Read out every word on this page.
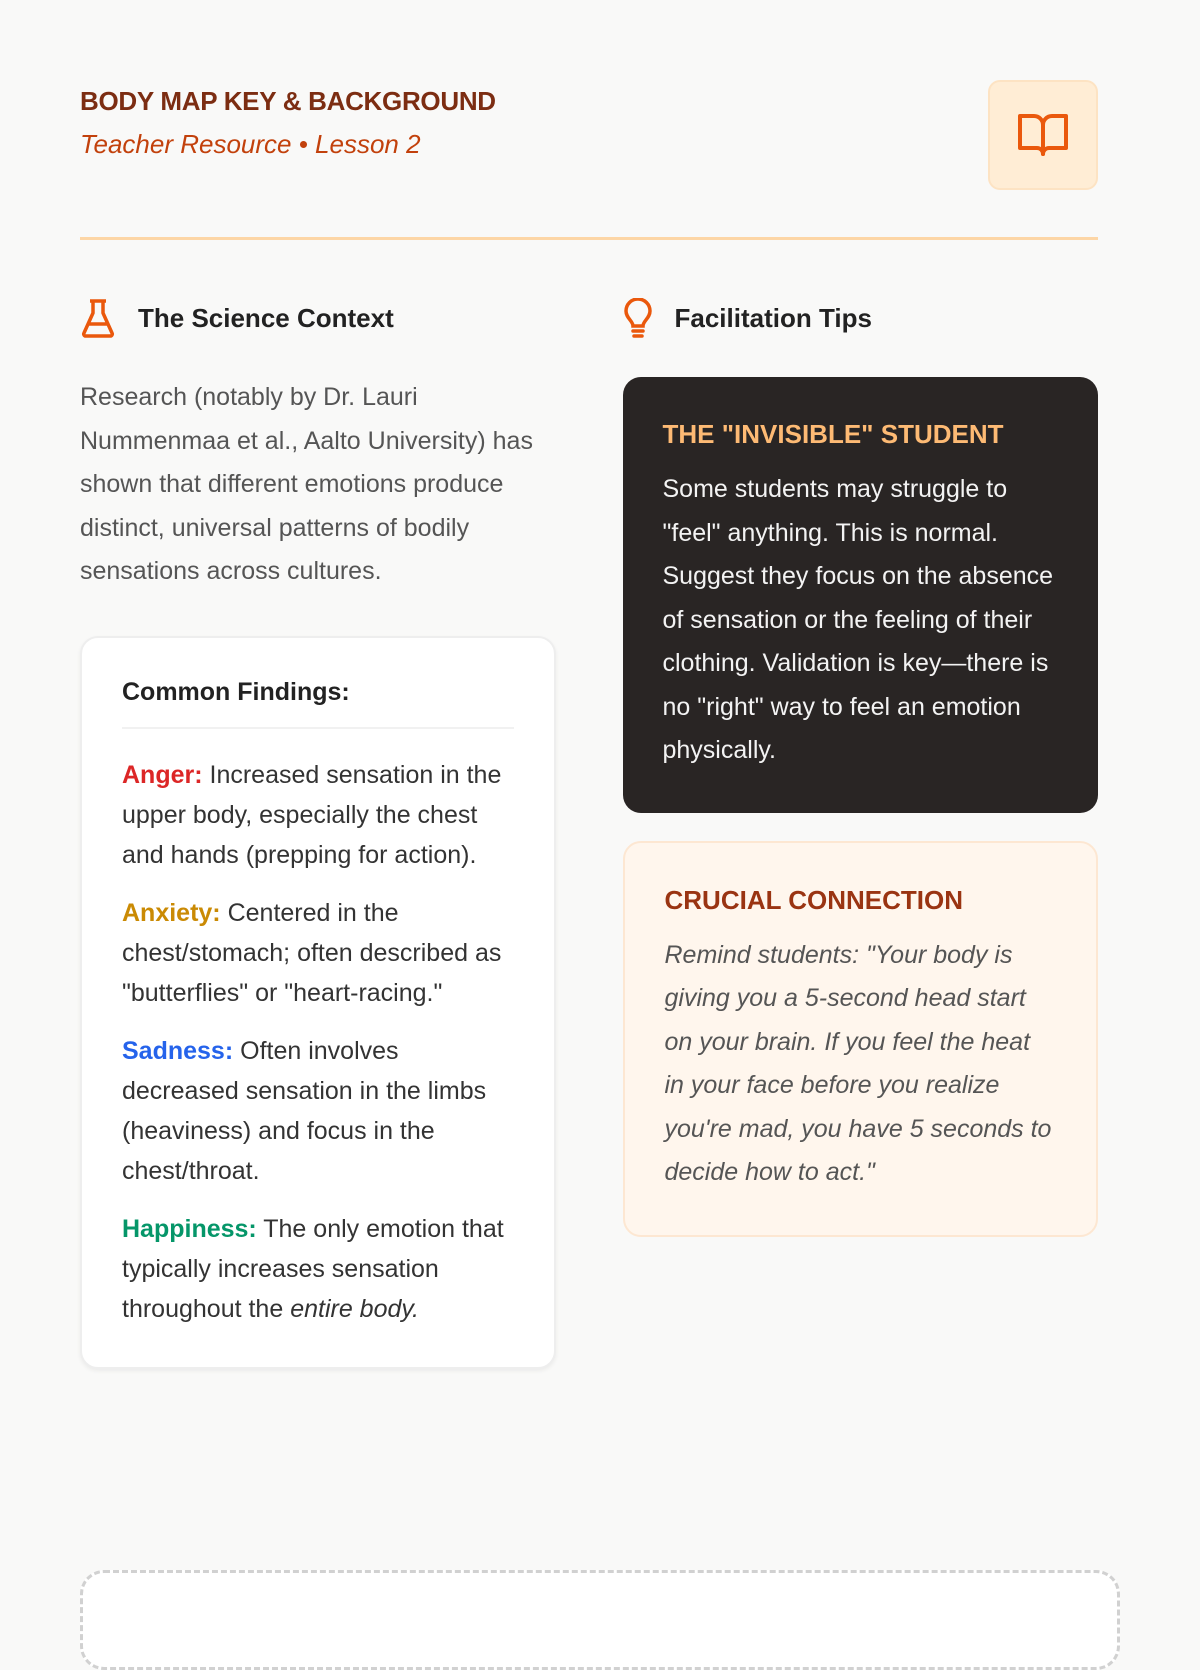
BODY MAP KEY & BACKGROUND
Teacher Resource • Lesson 2
The Science Context

Research (notably by Dr. Lauri Nummenmaa et al., Aalto University) has shown that different emotions produce distinct, universal patterns of bodily sensations across cultures.

Common Findings:

Anger: Increased sensation in the upper body, especially the chest and hands (prepping for action).

Anxiety: Centered in the chest/stomach; often described as "butterflies" or "heart-racing."

Sadness: Often involves decreased sensation in the limbs (heaviness) and focus in the chest/throat.

Happiness: The only emotion that typically increases sensation throughout the entire body.

Facilitation Tips
THE "INVISIBLE" STUDENT

Some students may struggle to "feel" anything. This is normal. Suggest they focus on the absence of sensation or the feeling of their clothing. Validation is key—there is no "right" way to feel an emotion physically.

CRUCIAL CONNECTION

Remind students: "Your body is giving you a 5-second head start on your brain. If you feel the heat in your face before you realize you're mad, you have 5 seconds to decide how to act."
